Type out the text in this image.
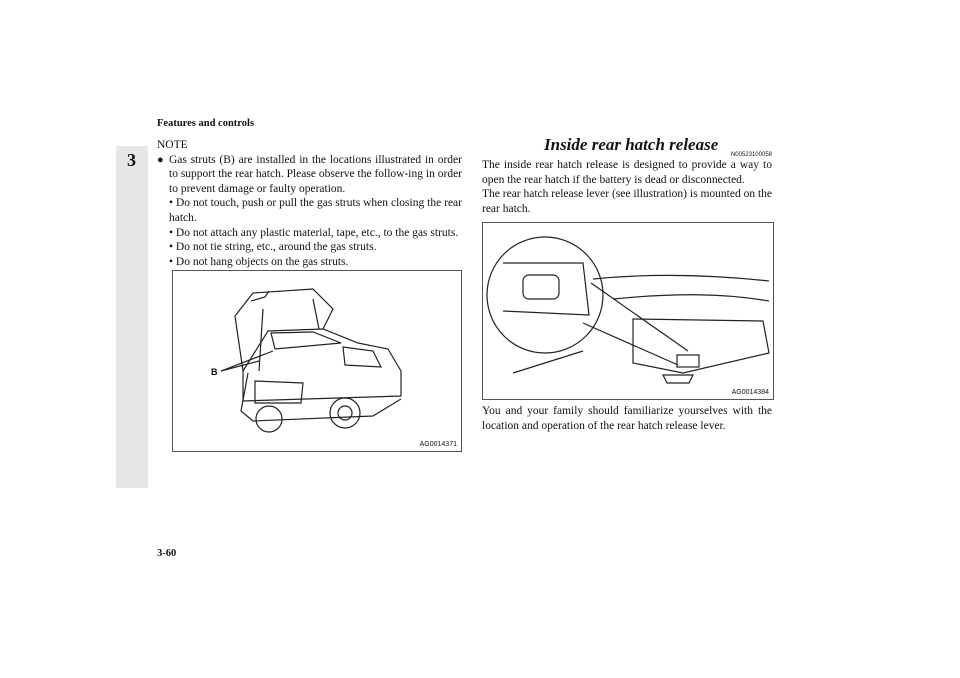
Features and controls
3

NOTE

● Gas struts (B) are installed in the locations illustrated in order to support the rear hatch. Please observe the follow-ing in order to prevent damage or faulty operation.

• Do not touch, push or pull the gas struts when closing the rear hatch.
• Do not attach any plastic material, tape, etc., to the gas struts.
• Do not tie string, etc., around the gas struts.
• Do not hang objects on the gas struts.
B
AG0014371
Inside rear hatch release
N00523100058

The inside rear hatch release is designed to provide a way to open the rear hatch if the battery is dead or disconnected.

The rear hatch release lever (see illustration) is mounted on the rear hatch.

AG0014384
You and your family should familiarize yourselves with the location and operation of the rear hatch release lever.
3-60
